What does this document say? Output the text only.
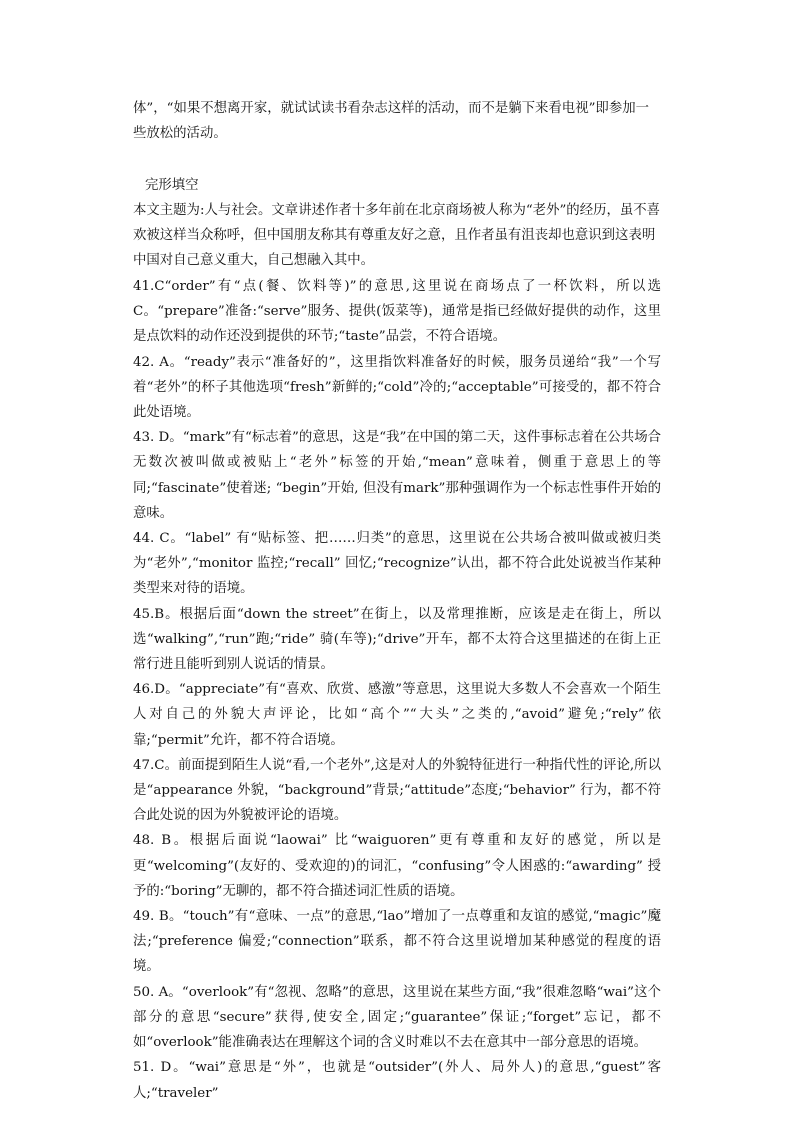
体”，“如果不想离开家，就试试读书看杂志这样的活动，而不是躺下来看电视”即参加一些放松的活动。

完形填空

本文主题为:人与社会。文章讲述作者十多年前在北京商场被人称为“老外”的经历，虽不喜欢被这样当众称呼，但中国朋友称其有尊重友好之意，且作者虽有沮丧却也意识到这表明中国对自己意义重大，自己想融入其中。

41.C“order”有“点(餐、饮料等)”的意思,这里说在商场点了一杯饮料，所以选 C。“prepare”准备:“serve”服务、提供(饭菜等)，通常是指已经做好提供的动作，这里是点饮料的动作还没到提供的环节;“taste”品尝，不符合语境。

42. A。“ready”表示“准备好的”，这里指饮料准备好的时候，服务员递给“我”一个写着“老外”的杯子其他选项“fresh”新鲜的;“cold”冷的;“acceptable”可接受的，都不符合此处语境。

43. D。“mark”有“标志着”的意思，这是“我”在中国的第二天，这件事标志着在公共场合无数次被叫做或被贴上“老外”标签的开始,“mean”意味着，侧重于意思上的等同;“fascinate”使着迷; “begin”开始, 但没有mark”那种强调作为一个标志性事件开始的意味。

44. C。“label” 有“贴标签、把……归类”的意思，这里说在公共场合被叫做或被归类为“老外”,“monitor 监控;“recall” 回忆;“recognize”认出，都不符合此处说被当作某种类型来对待的语境。

45.B。根据后面“down the street”在街上，以及常理推断，应该是走在街上，所以选“walking”,“run”跑;“ride” 骑(车等);“drive”开车，都不太符合这里描述的在街上正常行进且能听到别人说话的情景。

46.D。“appreciate”有“喜欢、欣赏、感激”等意思，这里说大多数人不会喜欢一个陌生人对自己的外貌大声评论，比如“高个”“大头”之类的,“avoid”避免;“rely”依靠;“permit”允许，都不符合语境。

47.C。前面提到陌生人说“看,一个老外”,这是对人的外貌特征进行一种指代性的评论,所以是“appearance 外貌，“background”背景;“attitude”态度;“behavior” 行为，都不符合此处说的因为外貌被评论的语境。

48. B。根据后面说“laowai” 比“waiguoren”更有尊重和友好的感觉，所以是更“welcoming”(友好的、受欢迎的)的词汇，“confusing”令人困惑的:“awarding” 授予的:“boring”无聊的，都不符合描述词汇性质的语境。

49. B。“touch”有“意味、一点”的意思,“lao”增加了一点尊重和友谊的感觉,“magic”魔法;“preference 偏爱;“connection”联系，都不符合这里说增加某种感觉的程度的语境。

50. A。“overlook”有“忽视、忽略”的意思，这里说在某些方面,“我”很难忽略“wai”这个部分的意思“secure”获得,使安全,固定;“guarantee”保证;“forget”忘记，都不如“overlook”能准确表达在理解这个词的含义时难以不去在意其中一部分意思的语境。

51. D。“wai”意思是“外”，也就是“outsider”(外人、局外人)的意思,“guest”客人;“traveler”
